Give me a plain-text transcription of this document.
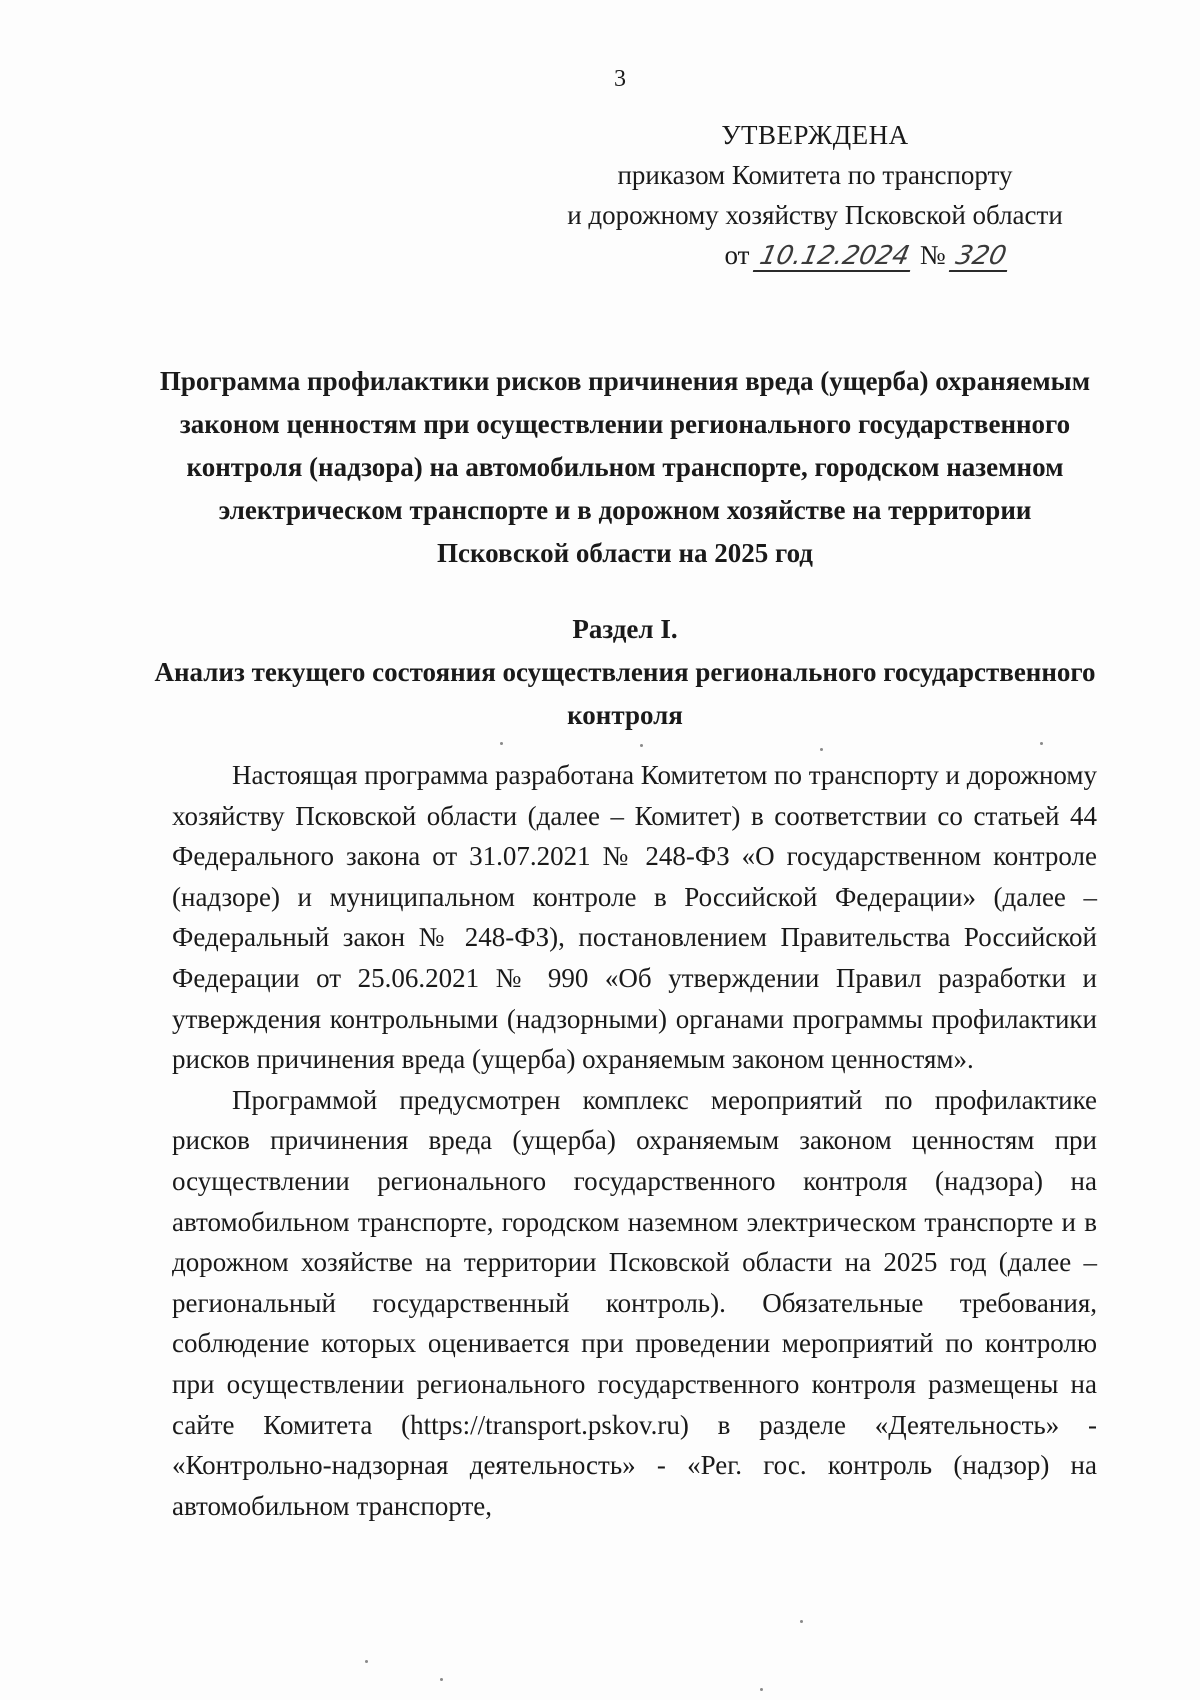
3
УТВЕРЖДЕНА
приказом Комитета по транспорту
и дорожному хозяйству Псковской области
от 10.12.2024 № 320
Программа профилактики рисков причинения вреда (ущерба) охраняемым законом ценностям при осуществлении регионального государственного контроля (надзора) на автомобильном транспорте, городском наземном электрическом транспорте и в дорожном хозяйстве на территории Псковской области на 2025 год
Раздел I.
Анализ текущего состояния осуществления регионального государственного контроля

Настоящая программа разработана Комитетом по транспорту и дорожному хозяйству Псковской области (далее – Комитет) в соответствии со статьей 44 Федерального закона от 31.07.2021 № 248-ФЗ «О государственном контроле (надзоре) и муниципальном контроле в Российской Федерации» (далее – Федеральный закон № 248-ФЗ), постановлением Правительства Российской Федерации от 25.06.2021 № 990 «Об утверждении Правил разработки и утверждения контрольными (надзорными) органами программы профилактики рисков причинения вреда (ущерба) охраняемым законом ценностям».

Программой предусмотрен комплекс мероприятий по профилактике рисков причинения вреда (ущерба) охраняемым законом ценностям при осуществлении регионального государственного контроля (надзора) на автомобильном транспорте, городском наземном электрическом транспорте и в дорожном хозяйстве на территории Псковской области на 2025 год (далее – региональный государственный контроль). Обязательные требования, соблюдение которых оценивается при проведении мероприятий по контролю при осуществлении регионального государственного контроля размещены на сайте Комитета (https://transport.pskov.ru) в разделе «Деятельность» - «Контрольно-надзорная деятельность» - «Рег. гос. контроль (надзор) на автомобильном транспорте,
